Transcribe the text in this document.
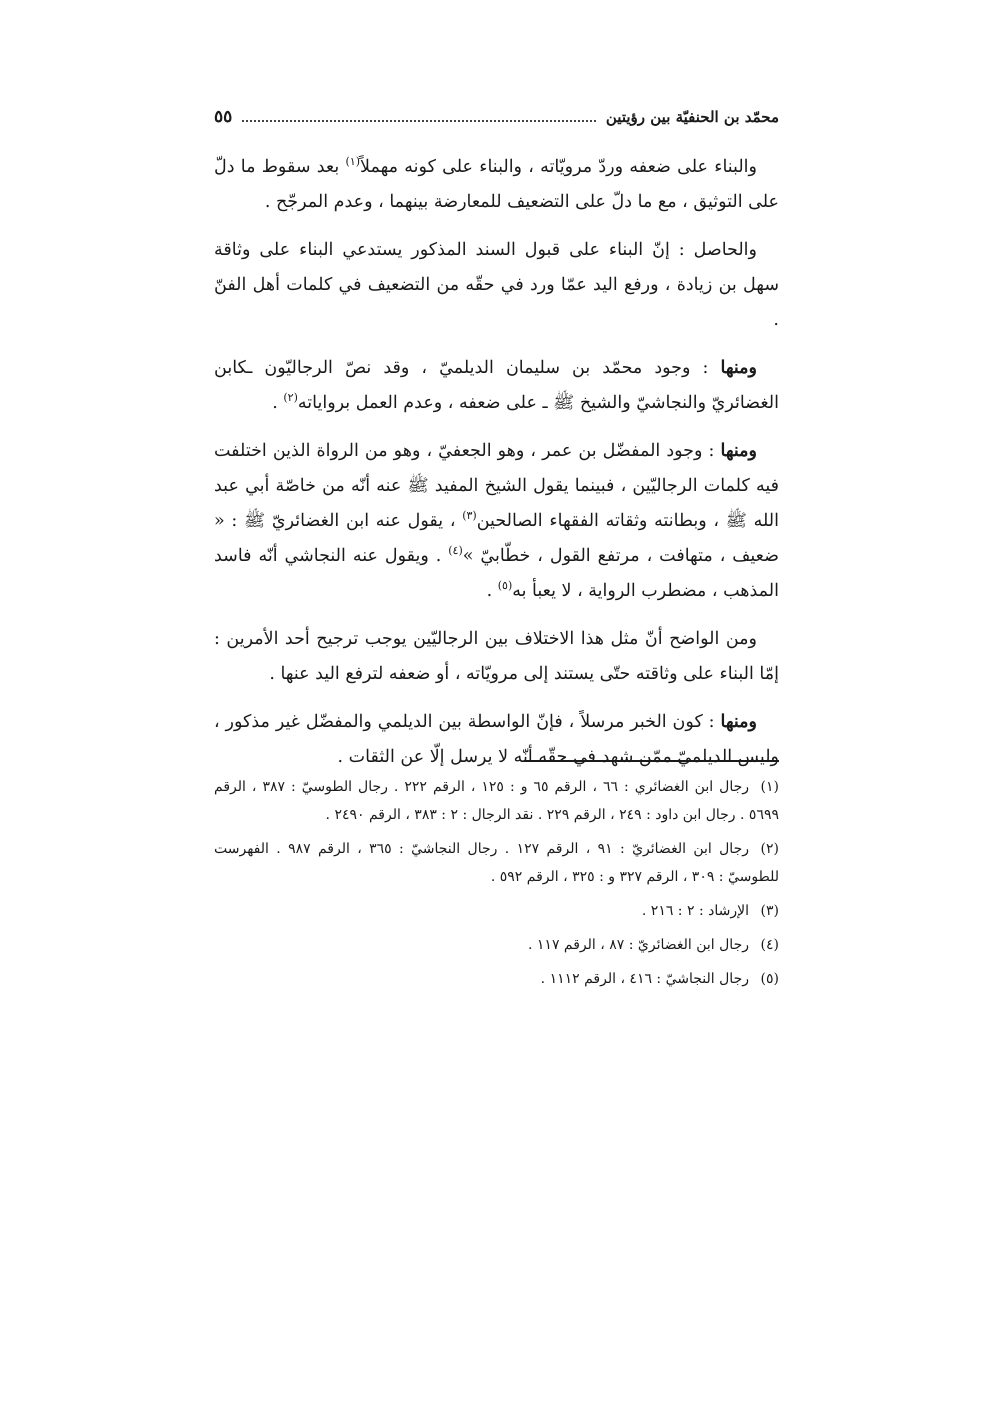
محمّد بن الحنفيّة بين رؤيتين
٥٥

والبناء على ضعفه وردّ مرويّاته ، والبناء على كونه مهملاً$^{(١)}$ بعد سقوط ما دلّ على التوثيق ، مع ما دلّ على التضعيف للمعارضة بينهما ، وعدم المرجّح .

والحاصل : إنّ البناء على قبول السند المذكور يستدعي البناء على وثاقة سهل بن زيادة ، ورفع اليد عمّا ورد في حقّه من التضعيف في كلمات أهل الفنّ .

ومنها : وجود محمّد بن سليمان الديلميّ ، وقد نصّ الرجاليّون ـكابن الغضائريّ والنجاشيّ والشيخ ﷺ ـ على ضعفه ، وعدم العمل برواياته$^{(٢)}$ .

ومنها : وجود المفضّل بن عمر ، وهو الجعفيّ ، وهو من الرواة الذين اختلفت فيه كلمات الرجاليّين ، فبينما يقول الشيخ المفيد ﷺ عنه أنّه من خاصّة أبي عبد الله ﷺ ، وبطانته وثقاته الفقهاء الصالحين$^{(٣)}$ ، يقول عنه ابن الغضائريّ ﷺ : « ضعيف ، متهافت ، مرتفع القول ، خطّابيّ »$^{(٤)}$ . ويقول عنه النجاشي أنّه فاسد المذهب ، مضطرب الرواية ، لا يعبأ به$^{(٥)}$ .

ومن الواضح أنّ مثل هذا الاختلاف بين الرجاليّين يوجب ترجيح أحد الأمرين : إمّا البناء على وثاقته حتّى يستند إلى مرويّاته ، أو ضعفه لترفع اليد عنها .

ومنها : كون الخبر مرسلاً ، فإنّ الواسطة بين الديلمي والمفضّل غير مذكور ، وليس الديلميّ ممّن شهد في حقّه أنّه لا يرسل إلّا عن الثقات .

(١)رجال ابن الغضائري : ٦٦ ، الرقم ٦٥ و : ١٢٥ ، الرقم ٢٢٢ . رجال الطوسيّ : ٣٨٧ ، الرقم ٥٦٩٩ . رجال ابن داود : ٢٤٩ ، الرقم ٢٢٩ . نقد الرجال : ٢ : ٣٨٣ ، الرقم ٢٤٩٠ .
(٢)رجال ابن الغضائريّ : ٩١ ، الرقم ١٢٧ . رجال النجاشيّ : ٣٦٥ ، الرقم ٩٨٧ . الفهرست للطوسيّ : ٣٠٩ ، الرقم ٣٢٧ و : ٣٢٥ ، الرقم ٥٩٢ .
(٣)الإرشاد : ٢ : ٢١٦ .
(٤)رجال ابن الغضائريّ : ٨٧ ، الرقم ١١٧ .
(٥)رجال النجاشيّ : ٤١٦ ، الرقم ١١١٢ .
